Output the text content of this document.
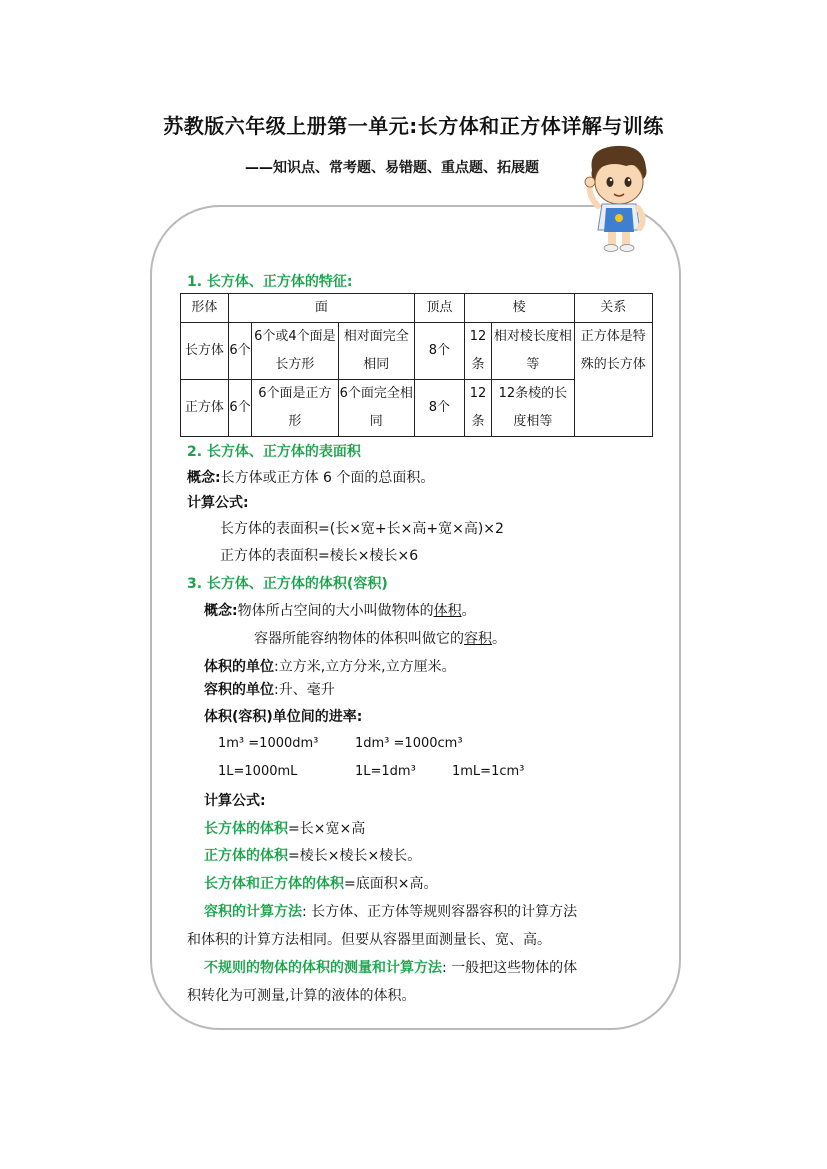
苏教版六年级上册第一单元:长方体和正方体详解与训练
——知识点、常考题、易错题、重点题、拓展题
1. 长方体、正方体的特征:
形体	面			顶点	棱		关系
长方体	6个	6个或4个面是长方形	相对面完全相同	8个	12条	相对棱长度相等	正方体是特殊的长方体
正方体	6个	6个面是正方形	6个面完全相同	8个	12条	12条棱的长度相等	
2. 长方体、正方体的表面积
概念:长方体或正方体 6 个面的总面积。
计算公式:
长方体的表面积=(长×宽+长×高+宽×高)×2
正方体的表面积=棱长×棱长×6
3. 长方体、正方体的体积(容积)
概念:物体所占空间的大小叫做物体的体积。
容器所能容纳物体的体积叫做它的容积。
体积的单位:立方米,立方分米,立方厘米。
容积的单位:升、毫升
体积(容积)单位间的进率:
1m³ =1000dm³	1dm³ =1000cm³
1L=1000mL	1L=1dm³	1mL=1cm³
计算公式:
长方体的体积=长×宽×高
正方体的体积=棱长×棱长×棱长。
长方体和正方体的体积=底面积×高。
容积的计算方法: 长方体、正方体等规则容器容积的计算方法
和体积的计算方法相同。但要从容器里面测量长、宽、高。
不规则的物体的体积的测量和计算方法: 一般把这些物体的体
积转化为可测量,计算的液体的体积。
